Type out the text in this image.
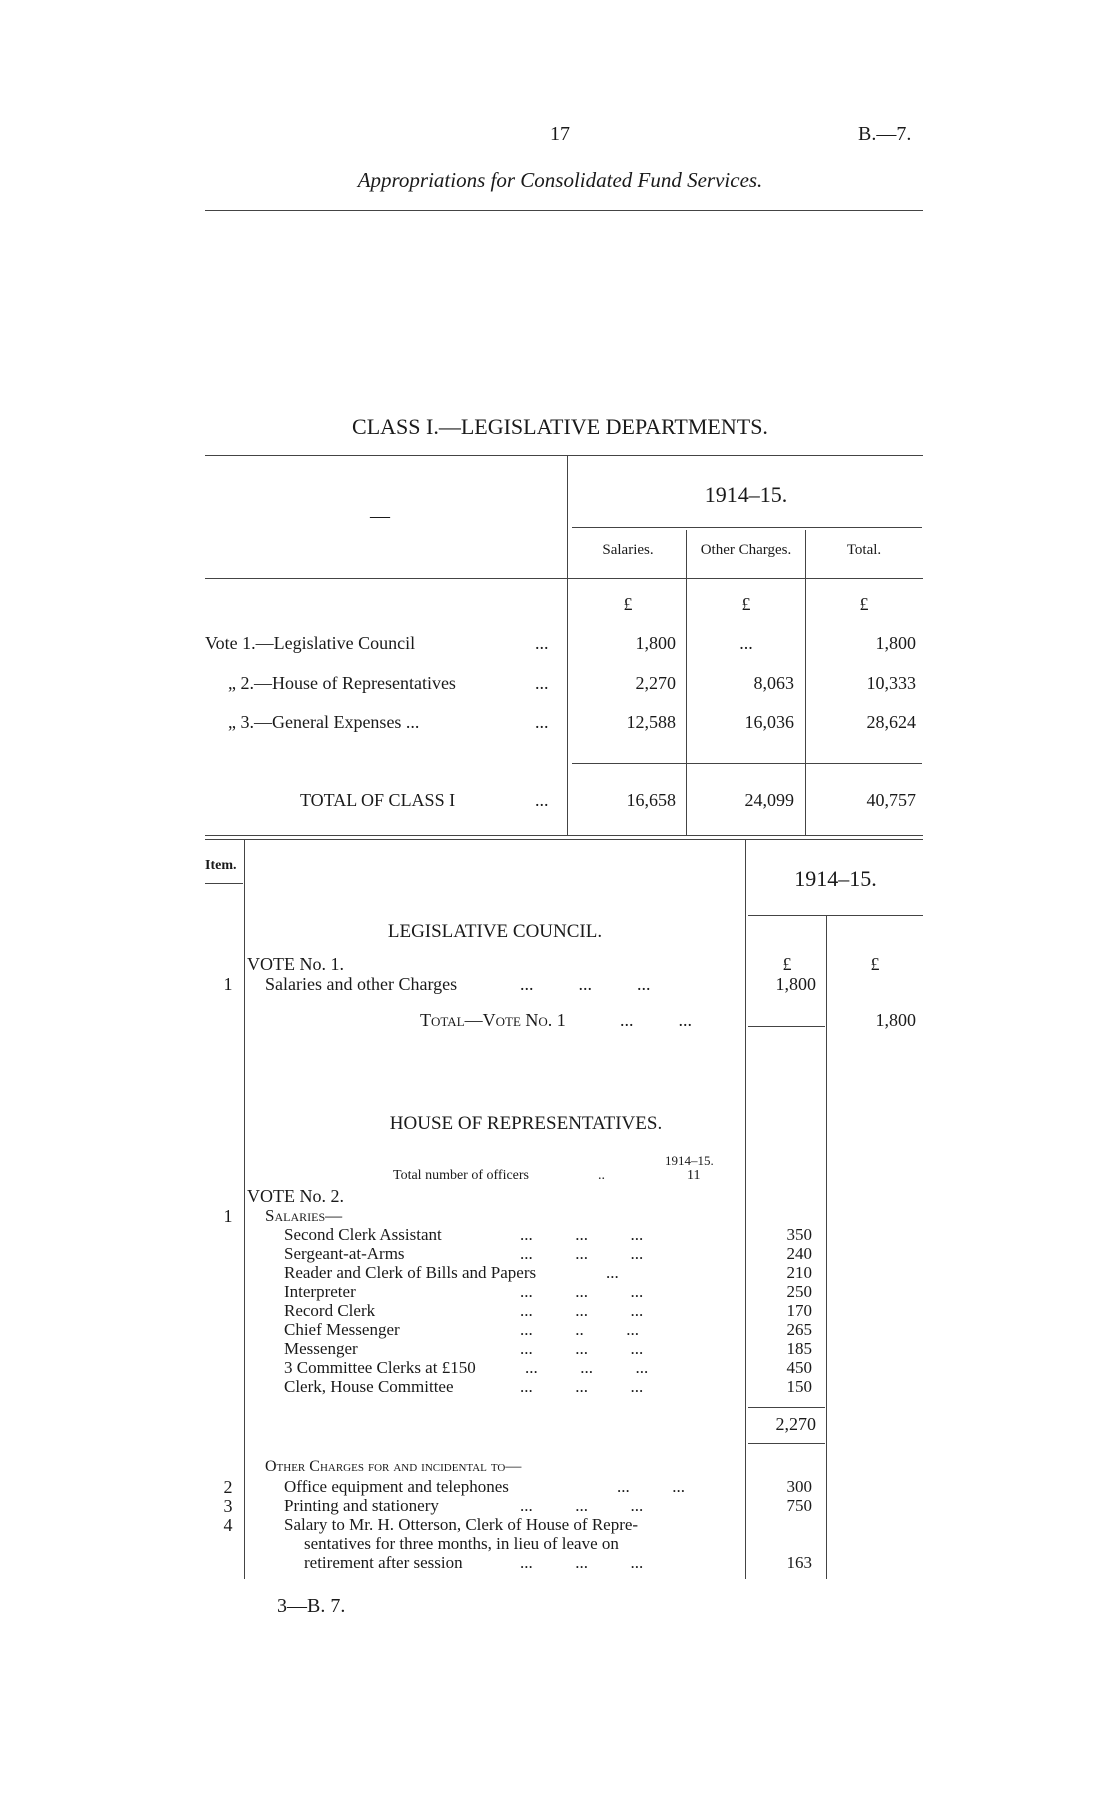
17	B.—7.
Appropriations for Consolidated Fund Services.
CLASS I.—LEGISLATIVE DEPARTMENTS.
—
1914–15.
Salaries.	Other Charges.	Total.
£	£	£
Vote 1.—Legislative Council	...	1,800	...	1,800
„ 2.—House of Representatives	...	2,270	8,063	10,333
„ 3.—General Expenses ...	...	12,588	16,036	28,624
TOTAL OF CLASS I	...	16,658	24,099	40,757
Item.
1914–15.
LEGISLATIVE COUNCIL.
VOTE No. 1.	£	£
1	Salaries and other Charges	...          ...          ...	1,800
Total—Vote No. 1	...          ...	1,800
HOUSE OF REPRESENTATIVES.
1914–15.
Total number of officers	..	11
VOTE No. 2.
1	Salaries—
Second Clerk Assistant	...          ...          ...	350
Sergeant-at-Arms	...          ...          ...	240
Reader and Clerk of Bills and Papers	...	210
Interpreter	...          ...          ...	250
Record Clerk	...          ...          ...	170
Chief Messenger	...          ..          ...	265
Messenger	...          ...          ...	185
3 Committee Clerks at £150	...          ...          ...	450
Clerk, House Committee	...          ...          ...	150
2,270
Other Charges for and incidental to—
2	Office equipment and telephones	...          ...	300
3	Printing and stationery	...          ...          ...	750
4	Salary to Mr. H. Otterson, Clerk of House of Repre-
sentatives for three months, in lieu of leave on
retirement after session	...          ...          ...	163
3—B. 7.
